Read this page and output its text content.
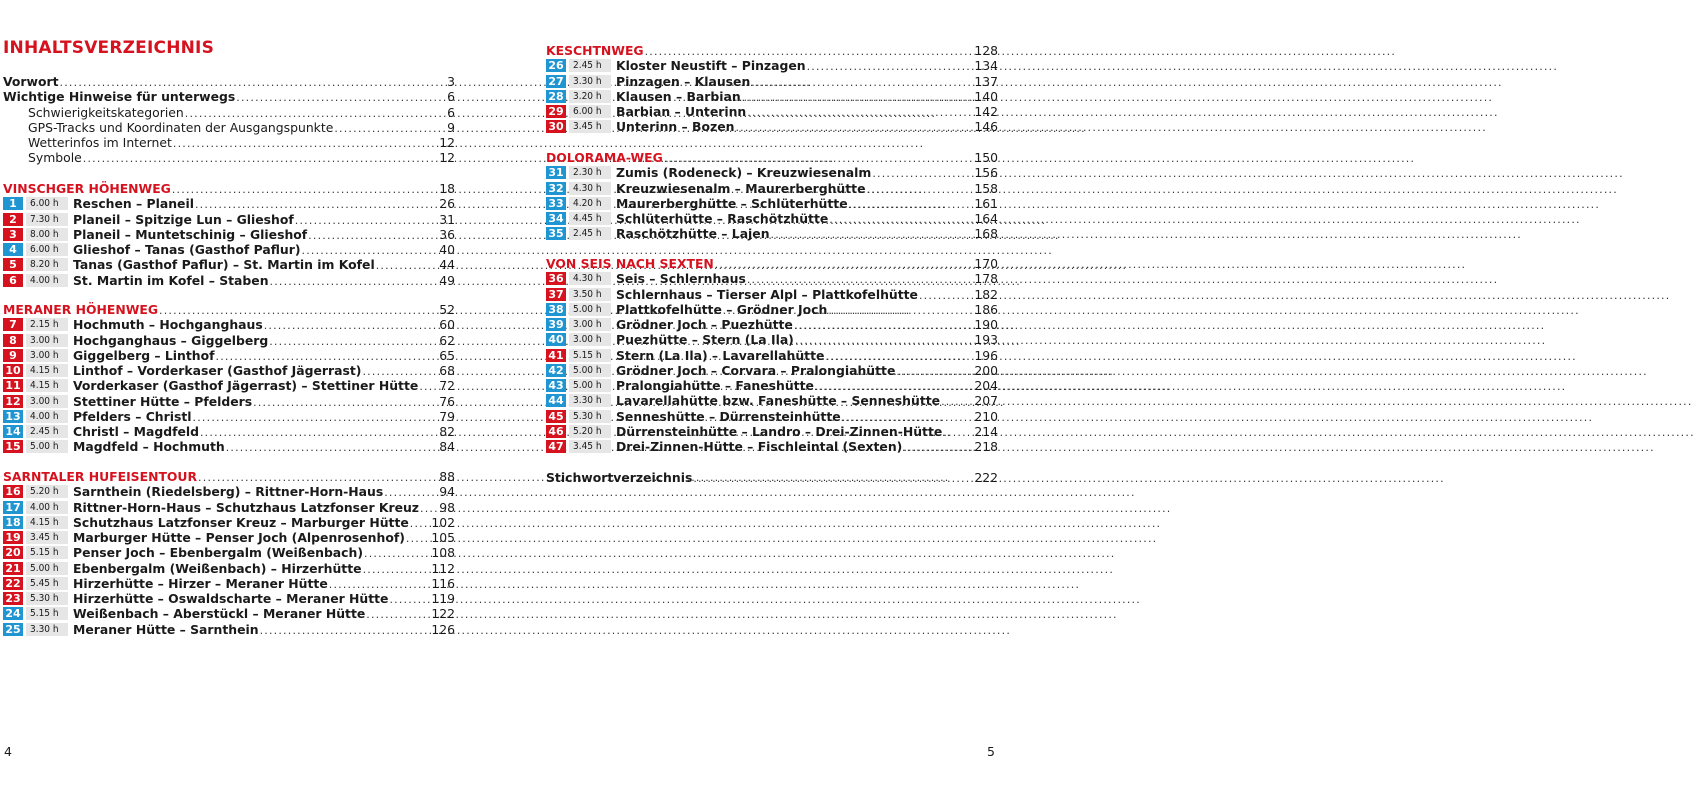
INHALTSVERZEICHNIS
Vorwort .....	3
Wichtige Hinweise für unterwegs .....	6
Schwierigkeitskategorien .....	6
GPS-Tracks und Koordinaten der Ausgangspunkte .....	9
Wetterinfos im Internet .....	12
Symbole .....	12
VINSCHGER HÖHENWEG .....	18
1	6.00 h	Reschen – Planeil .....	26
2	7.30 h	Planeil – Spitzige Lun – Glieshof .....	31
3	8.00 h	Planeil – Muntetschinig – Glieshof .....	36
4	6.00 h	Glieshof – Tanas (Gasthof Paflur) .....	40
5	8.20 h	Tanas (Gasthof Paflur) – St. Martin im Kofel .....	44
6	4.00 h	St. Martin im Kofel – Staben .....	49
MERANER HÖHENWEG .....	52
7	2.15 h	Hochmuth – Hochganghaus .....	60
8	3.00 h	Hochganghaus – Giggelberg .....	62
9	3.00 h	Giggelberg – Linthof .....	65
10 4.15 h	Linthof – Vorderkaser (Gasthof Jägerrast) .....	68
11 4.15 h	Vorderkaser (Gasthof Jägerrast) – Stettiner Hütte ..... 72
12 3.00 h	Stettiner Hütte – Pfelders .....	76
13 4.00 h	Pfelders – Christl .....	79
14 2.45 h	Christl – Magdfeld .....	82
15 5.00 h	Magdfeld – Hochmuth .....	84
SARNTALER HUFEISENTOUR .....	88
16 5.20 h	Sarnthein (Riedelsberg) – Rittner-Horn-Haus .....	94
17 4.00 h	Rittner-Horn-Haus – Schutzhaus Latzfonser Kreuz ..... 98
18 4.15 h	Schutzhaus Latzfonser Kreuz – Marburger Hütte ..... 102
19 3.45 h	Marburger Hütte – Penser Joch (Alpenrosenhof) ..... 105
20 5.15 h	Penser Joch – Ebenbergalm (Weißenbach) .....	108
21 5.00 h	Ebenbergalm (Weißenbach) – Hirzerhütte .....	112
22 5.45 h	Hirzerhütte – Hirzer – Meraner Hütte .....	116
23 5.30 h	Hirzerhütte – Oswaldscharte – Meraner Hütte .....	119
24 5.15 h	Weißenbach – Aberstückl – Meraner Hütte .....	122
25 3.30 h	Meraner Hütte – Sarnthein .....	126
KESCHTNWEG .....	128
26 2.45 h	Kloster Neustift – Pinzagen .....	134
27 3.30 h	Pinzagen – Klausen .....	137
28 3.20 h	Klausen – Barbian .....	140
29 6.00 h	Barbian – Unterinn .....	142
30 3.45 h	Unterinn – Bozen .....	146
DOLORAMA-WEG .....	150
31 2.30 h	Zumis (Rodeneck) – Kreuzwiesenalm .....	156
32 4.30 h	Kreuzwiesenalm – Maurerberghütte .....	158
33 4.20 h	Maurerberghütte – Schlüterhütte .....	161
34 4.45 h	Schlüterhütte – Raschötzhütte .....	164
35 2.45 h	Raschötzhütte – Lajen .....	168
VON SEIS NACH SEXTEN .....	170
36 4.30 h	Seis – Schlernhaus .....	178
37 3.50 h	Schlernhaus – Tierser Alpl – Plattkofelhütte .....	182
38 5.00 h	Plattkofelhütte – Grödner Joch .....	186
39 3.00 h	Grödner Joch – Puezhütte .....	190
40 3.00 h	Puezhütte – Stern (La Ila) .....	193
41 5.15 h	Stern (La Ila) – Lavarellahütte .....	196
42 5.00 h	Grödner Joch – Corvara – Pralongiahütte .....	200
43 5.00 h	Pralongiahütte – Faneshütte .....	204
44 3.30 h	Lavarellahütte bzw. Faneshütte – Senneshütte .....	207
45 5.30 h	Senneshütte – Dürrensteinhütte .....	210
46 5.20 h	Dürrensteinhütte – Landro – Drei-Zinnen-Hütte .....	214
47 3.45 h	Drei-Zinnen-Hütte – Fischleintal (Sexten) .....	218
Stichwortverzeichnis .....	222
4	5
